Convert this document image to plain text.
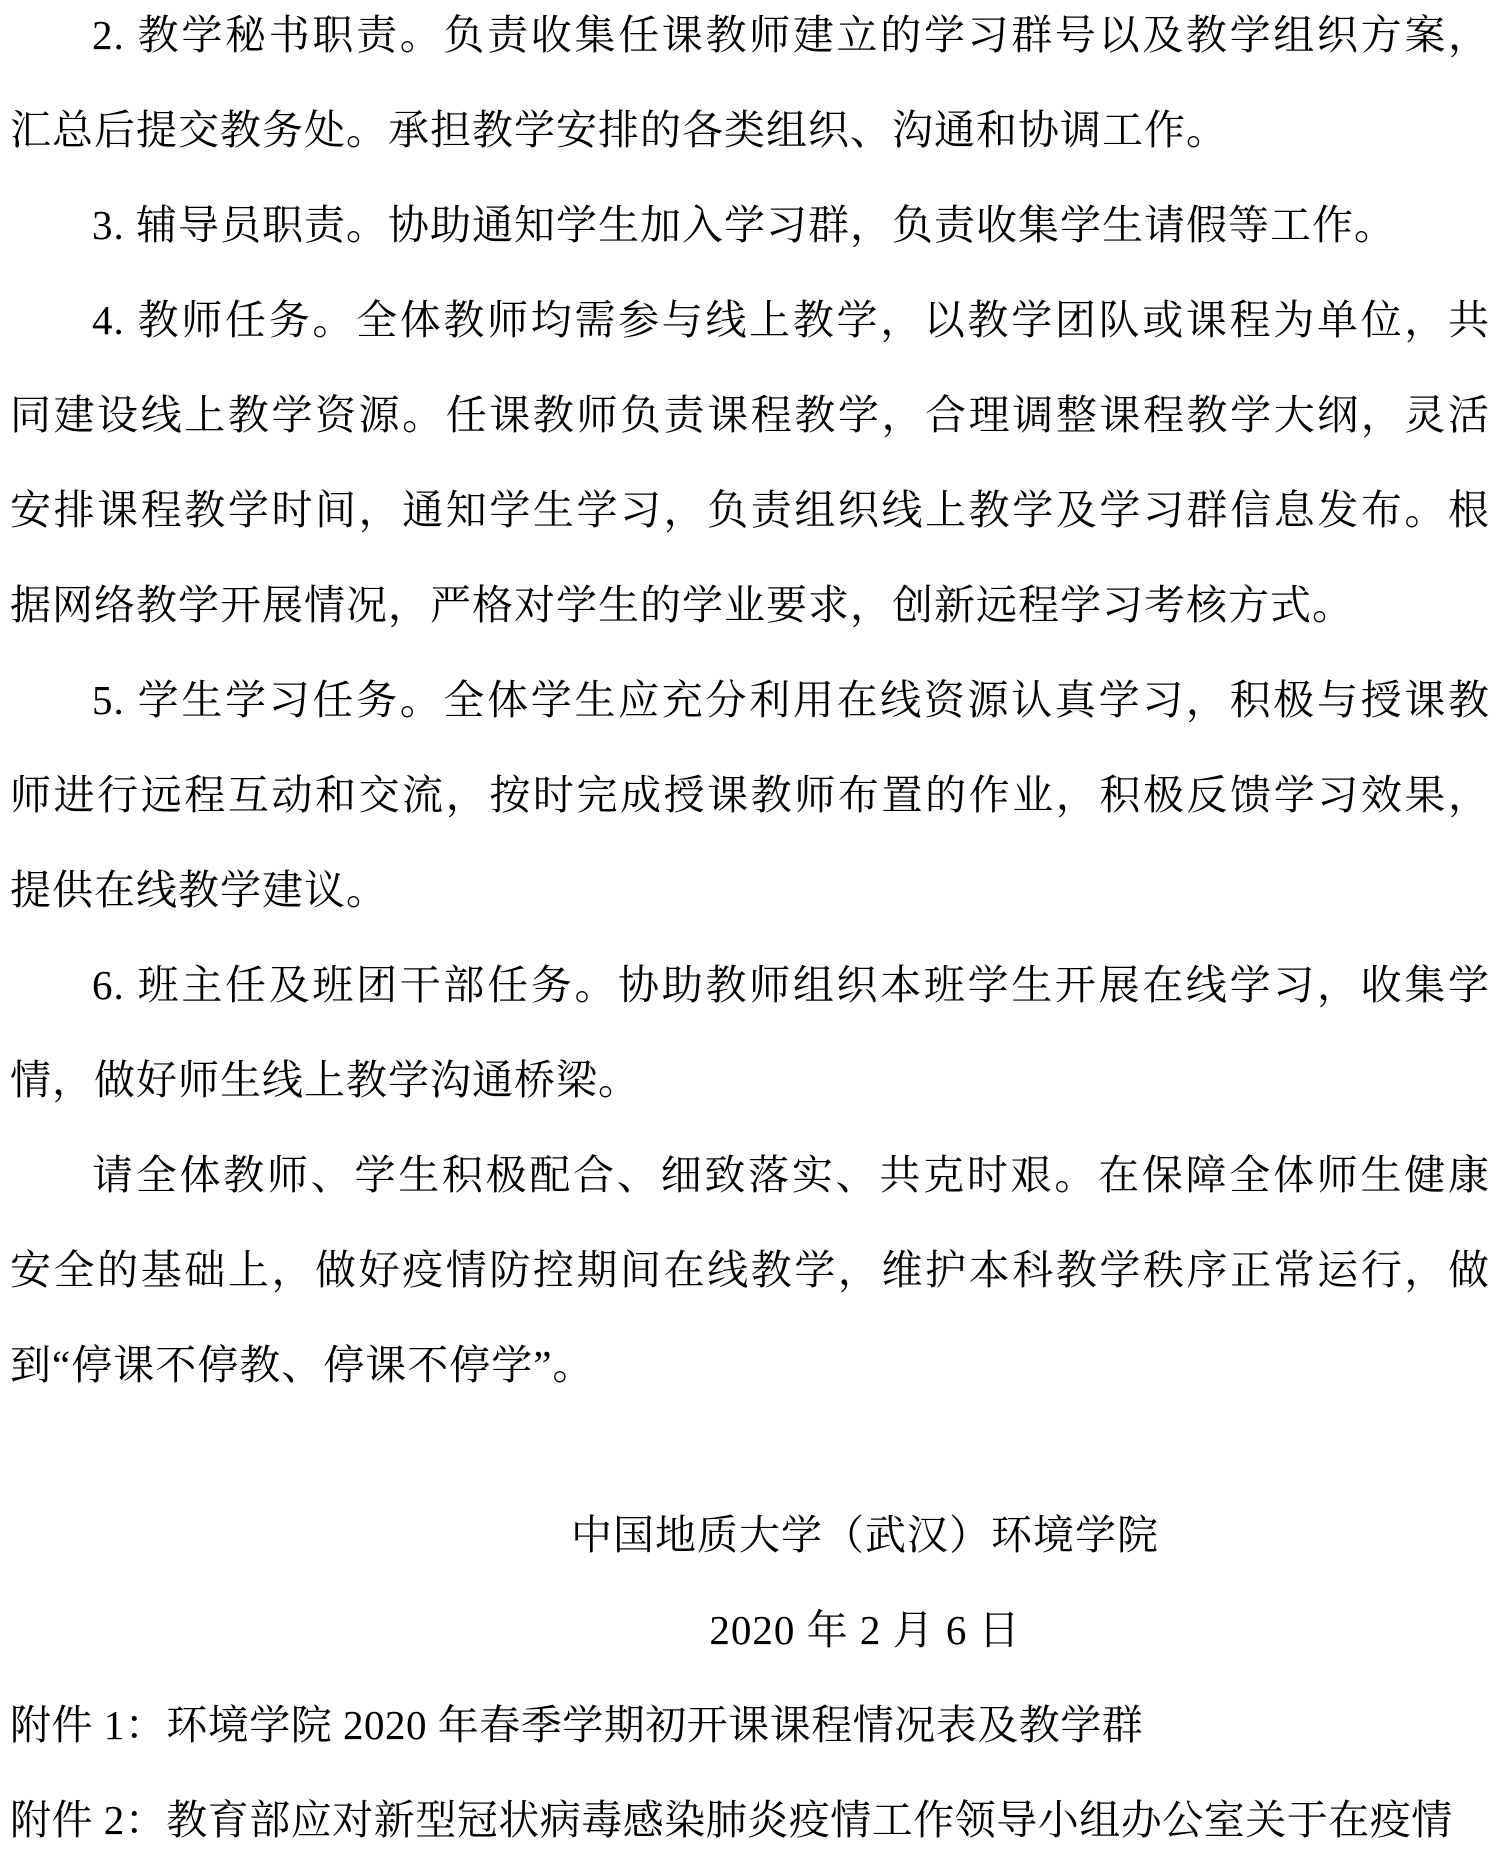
2. 教学秘书职责。负责收集任课教师建立的学习群号以及教学组织方案，
汇总后提交教务处。承担教学安排的各类组织、沟通和协调工作。
3. 辅导员职责。协助通知学生加入学习群，负责收集学生请假等工作。
4. 教师任务。全体教师均需参与线上教学，以教学团队或课程为单位，共
同建设线上教学资源。任课教师负责课程教学，合理调整课程教学大纲，灵活
安排课程教学时间，通知学生学习，负责组织线上教学及学习群信息发布。根
据网络教学开展情况，严格对学生的学业要求，创新远程学习考核方式。
5. 学生学习任务。全体学生应充分利用在线资源认真学习，积极与授课教
师进行远程互动和交流，按时完成授课教师布置的作业，积极反馈学习效果，
提供在线教学建议。
6. 班主任及班团干部任务。协助教师组织本班学生开展在线学习，收集学
情，做好师生线上教学沟通桥梁。
请全体教师、学生积极配合、细致落实、共克时艰。在保障全体师生健康
安全的基础上，做好疫情防控期间在线教学，维护本科教学秩序正常运行，做
到“停课不停教、停课不停学”。
中国地质大学（武汉）环境学院
2020 年 2 月 6 日
附件 1：环境学院 2020 年春季学期初开课课程情况表及教学群
附件 2：教育部应对新型冠状病毒感染肺炎疫情工作领导小组办公室关于在疫情
